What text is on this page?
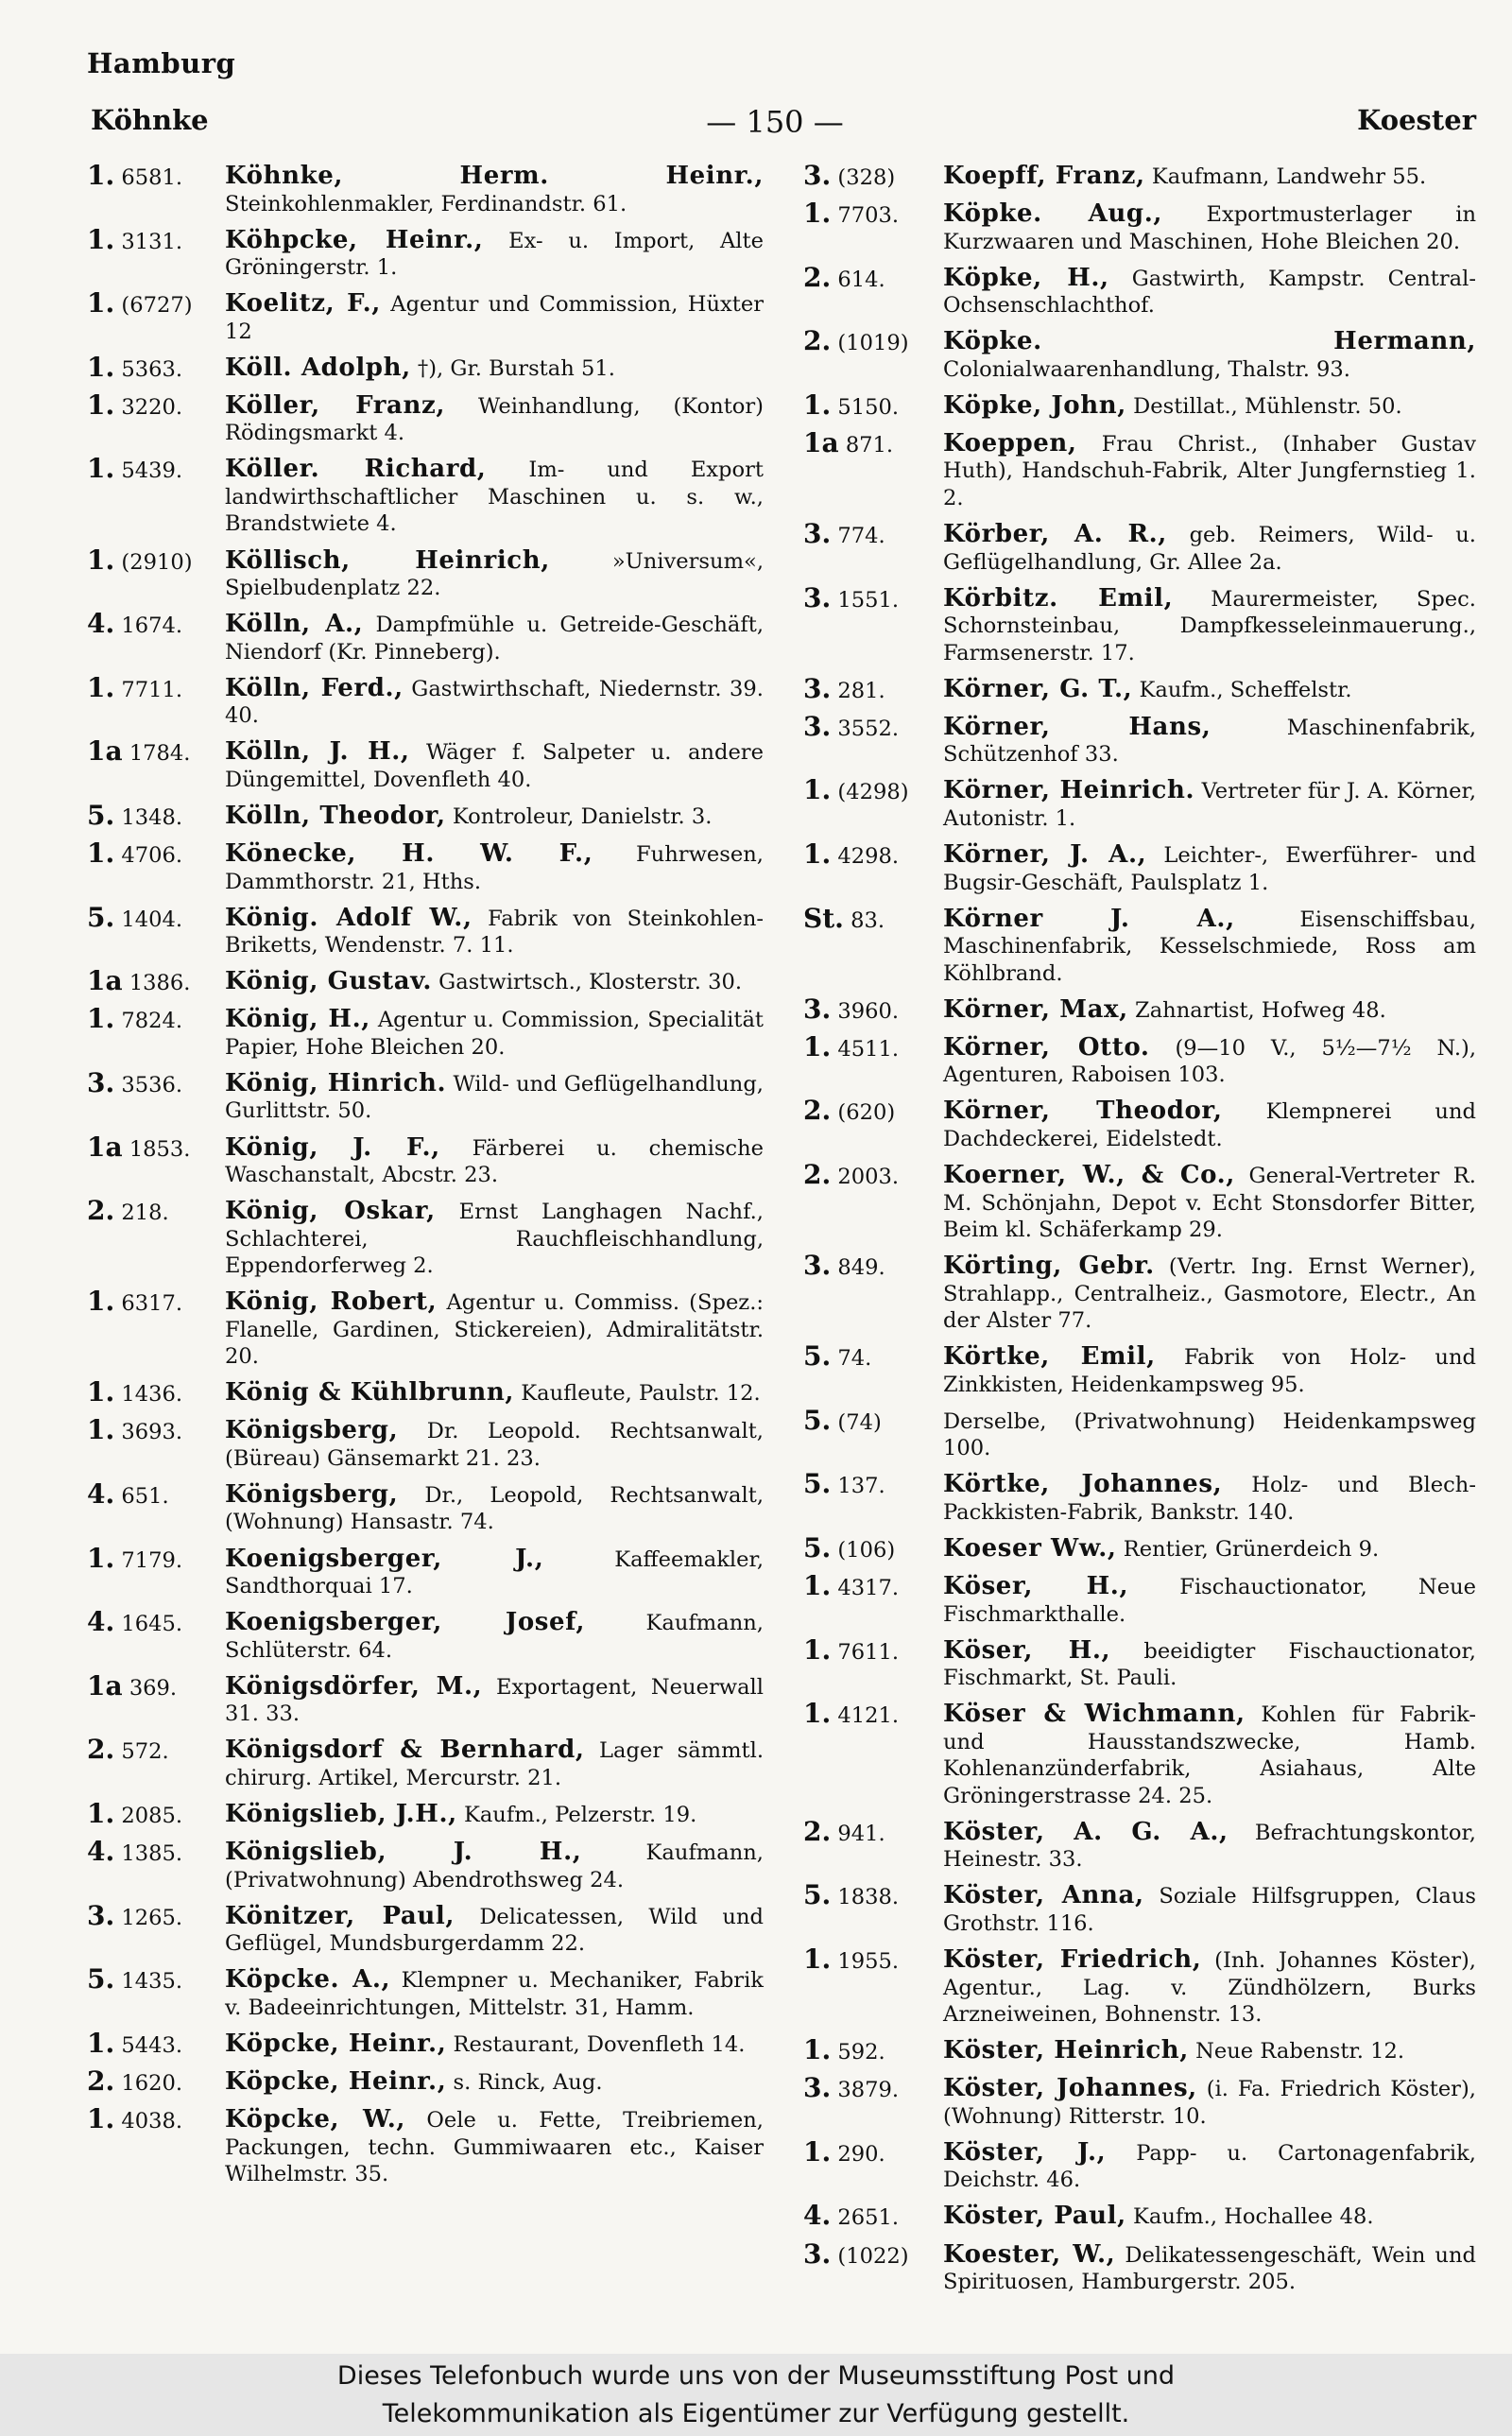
Hamburg
Köhnke	— 150 —	Koester
1. 6581.	Köhnke, Herm. Heinr., Steinkohlenmakler, Ferdinandstr. 61.
1. 3131.	Köhpcke, Heinr., Ex- u. Import, Alte Gröningerstr. 1.
1. (6727)	Koelitz, F., Agentur und Commission, Hüxter 12
1. 5363.	Köll. Adolph, †), Gr. Burstah 51.
1. 3220.	Köller, Franz, Weinhandlung, (Kontor) Rödingsmarkt 4.
1. 5439.	Köller. Richard, Im- und Export landwirthschaftlicher Maschinen u. s. w., Brandstwiete 4.
1. (2910)	Köllisch, Heinrich,	»Universum«, Spielbudenplatz 22.
4. 1674.	Kölln, A., Dampfmühle u. Getreide-Geschäft, Niendorf (Kr. Pinneberg).
1. 7711.	Kölln, Ferd., Gastwirthschaft, Niedernstr. 39. 40.
1a 1784.	Kölln, J. H., Wäger f. Salpeter u. andere Düngemittel, Dovenfleth 40.
5. 1348.	Kölln, Theodor, Kontroleur, Danielstr. 3.
1. 4706.	Könecke, H. W. F., Fuhrwesen, Dammthorstr. 21, Hths.
5. 1404.	König. Adolf W., Fabrik von Steinkohlen-Briketts, Wendenstr. 7. 11.
1a 1386.	König, Gustav. Gastwirtsch., Klosterstr. 30.
1. 7824.	König, H., Agentur u. Commission, Specialität Papier, Hohe Bleichen 20.
3. 3536.	König, Hinrich. Wild- und Geflügelhandlung, Gurlittstr. 50.
1a 1853.	König, J. F., Färberei u. chemische Waschanstalt, Abcstr. 23.
2. 218.	König, Oskar, Ernst Langhagen Nachf., Schlachterei, Rauchfleischhandlung, Eppendorferweg 2.
1. 6317.	König, Robert, Agentur u. Commiss. (Spez.: Flanelle, Gardinen, Stickereien), Admiralitätstr. 20.
1. 1436.	König & Kühlbrunn, Kaufleute, Paulstr. 12.
1. 3693.	Königsberg, Dr. Leopold. Rechtsanwalt, (Büreau) Gänsemarkt 21. 23.
4. 651.	Königsberg, Dr., Leopold, Rechtsanwalt, (Wohnung) Hansastr. 74.
1. 7179.	Koenigsberger, J.,	Kaffeemakler, Sandthorquai 17.
4. 1645.	Koenigsberger, Josef,	Kaufmann, Schlüterstr. 64.
1a 369.	Königsdörfer, M., Exportagent, Neuerwall 31. 33.
2. 572.	Königsdorf & Bernhard, Lager sämmtl. chirurg. Artikel, Mercurstr. 21.
1. 2085.	Königslieb, J.H., Kaufm., Pelzerstr. 19.
4. 1385.	Königslieb, J. H.,	Kaufmann, (Privatwohnung) Abendrothsweg 24.
3. 1265.	Könitzer, Paul, Delicatessen, Wild und Geflügel, Mundsburgerdamm 22.
5. 1435.	Köpcke. A., Klempner u. Mechaniker, Fabrik v. Badeeinrichtungen, Mittelstr. 31, Hamm.
1. 5443.	Köpcke, Heinr., Restaurant, Dovenfleth 14.
2. 1620.	Köpcke, Heinr., s. Rinck, Aug.
1. 4038.	Köpcke, W., Oele u. Fette, Treibriemen, Packungen, techn. Gummiwaaren etc., Kaiser Wilhelmstr. 35.
3. (328)	Koepff, Franz, Kaufmann, Landwehr 55.
1. 7703.	Köpke. Aug., Exportmusterlager in Kurzwaaren und Maschinen, Hohe Bleichen 20.
2. 614.	Köpke, H., Gastwirth, Kampstr. Central-Ochsenschlachthof.
2. (1019)	Köpke. Hermann, Colonialwaarenhandlung, Thalstr. 93.
1. 5150.	Köpke, John, Destillat., Mühlenstr. 50.
1a 871.	Koeppen, Frau Christ., (Inhaber Gustav Huth), Handschuh-Fabrik, Alter Jungfernstieg 1. 2.
3. 774.	Körber, A. R., geb. Reimers, Wild- u. Geflügelhandlung, Gr. Allee 2a.
3. 1551.	Körbitz. Emil, Maurermeister, Spec. Schornsteinbau, Dampfkesseleinmauerung., Farmsenerstr. 17.
3. 281.	Körner, G. T., Kaufm., Scheffelstr.
3. 3552.	Körner, Hans,	Maschinenfabrik, Schützenhof 33.
1. (4298)	Körner, Heinrich. Vertreter für J. A. Körner, Autonistr. 1.
1. 4298.	Körner, J. A., Leichter-, Ewerführer- und Bugsir-Geschäft, Paulsplatz 1.
St. 83.	Körner J. A.,	Eisenschiffsbau, Maschinenfabrik, Kesselschmiede, Ross am Köhlbrand.
3. 3960.	Körner, Max, Zahnartist, Hofweg 48.
1. 4511.	Körner, Otto. (9—10 V., 5½—7½ N.), Agenturen, Raboisen 103.
2. (620)	Körner, Theodor, Klempnerei und Dachdeckerei, Eidelstedt.
2. 2003.	Koerner, W., & Co., General-Vertreter R. M. Schönjahn, Depot v. Echt Stonsdorfer Bitter, Beim kl. Schäferkamp 29.
3. 849.	Körting, Gebr. (Vertr. Ing. Ernst Werner), Strahlapp., Centralheiz., Gasmotore, Electr., An der Alster 77.
5. 74.	Körtke, Emil, Fabrik von Holz- und Zinkkisten, Heidenkampsweg 95.
5. (74)	Derselbe, (Privatwohnung) Heidenkampsweg 100.
5. 137.	Körtke, Johannes, Holz- und Blech-Packkisten-Fabrik, Bankstr. 140.
5. (106)	Koeser Ww., Rentier, Grünerdeich 9.
1. 4317.	Köser, H., Fischauctionator, Neue Fischmarkthalle.
1. 7611.	Köser, H., beeidigter Fischauctionator, Fischmarkt, St. Pauli.
1. 4121.	Köser & Wichmann, Kohlen für Fabrik- und Hausstandszwecke, Hamb. Kohlenanzünderfabrik, Asiahaus, Alte Gröningerstrasse 24. 25.
2. 941.	Köster, A. G. A., Befrachtungskontor, Heinestr. 33.
5. 1838.	Köster, Anna, Soziale Hilfsgruppen, Claus Grothstr. 116.
1. 1955.	Köster, Friedrich, (Inh. Johannes Köster), Agentur., Lag. v. Zündhölzern, Burks Arzneiweinen, Bohnenstr. 13.
1. 592.	Köster, Heinrich, Neue Rabenstr. 12.
3. 3879.	Köster, Johannes, (i. Fa. Friedrich Köster), (Wohnung) Ritterstr. 10.
1. 290.	Köster, J., Papp- u. Cartonagenfabrik, Deichstr. 46.
4. 2651.	Köster, Paul, Kaufm., Hochallee 48.
3. (1022)	Koester, W., Delikatessengeschäft, Wein und Spirituosen, Hamburgerstr. 205.
Dieses Telefonbuch wurde uns von der Museumsstiftung Post und
Telekommunikation als Eigentümer zur Verfügung gestellt.
